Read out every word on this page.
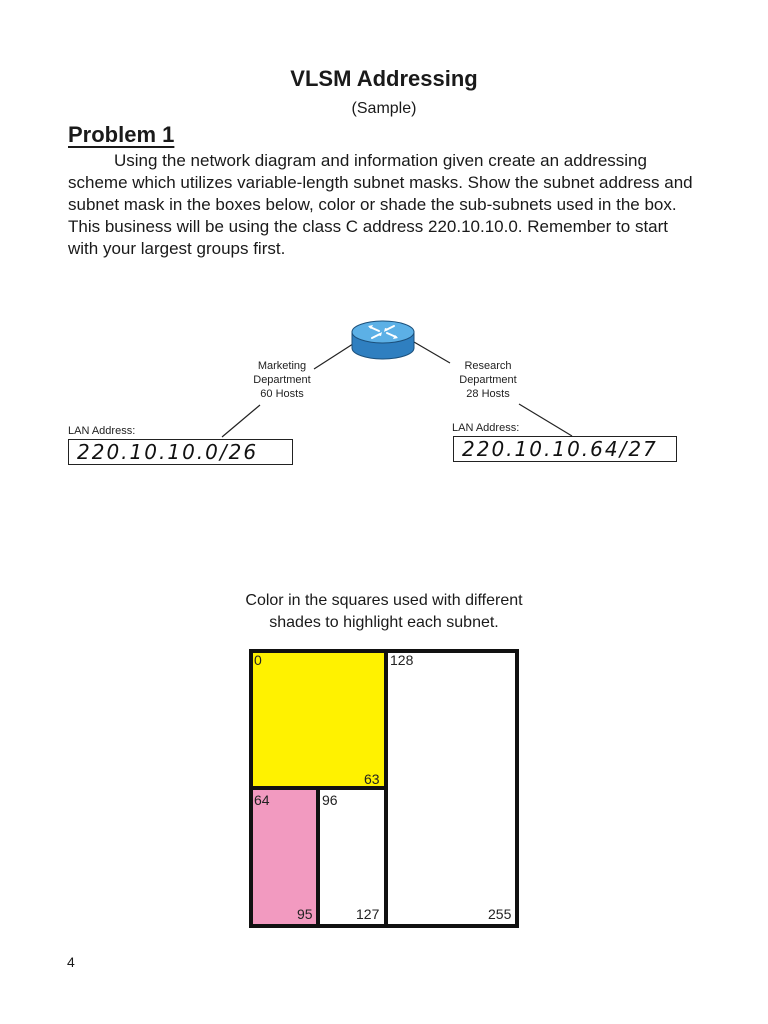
VLSM Addressing
(Sample)
Problem 1

Using the network diagram and information given create an addressing scheme which utilizes variable-length subnet masks. Show the subnet address and subnet mask in the boxes below, color or shade the sub-subnets used in the box. This business will be using the class C address 220.10.10.0. Remember to start with your largest groups first.

Marketing
Department
60 Hosts
Research
Department
28 Hosts
LAN Address:
220.10.10.0/26
LAN Address:
220.10.10.64/27

Color in the squares used with different
shades to highlight each subnet.

0
63
64
95
96
127
128
255
4
